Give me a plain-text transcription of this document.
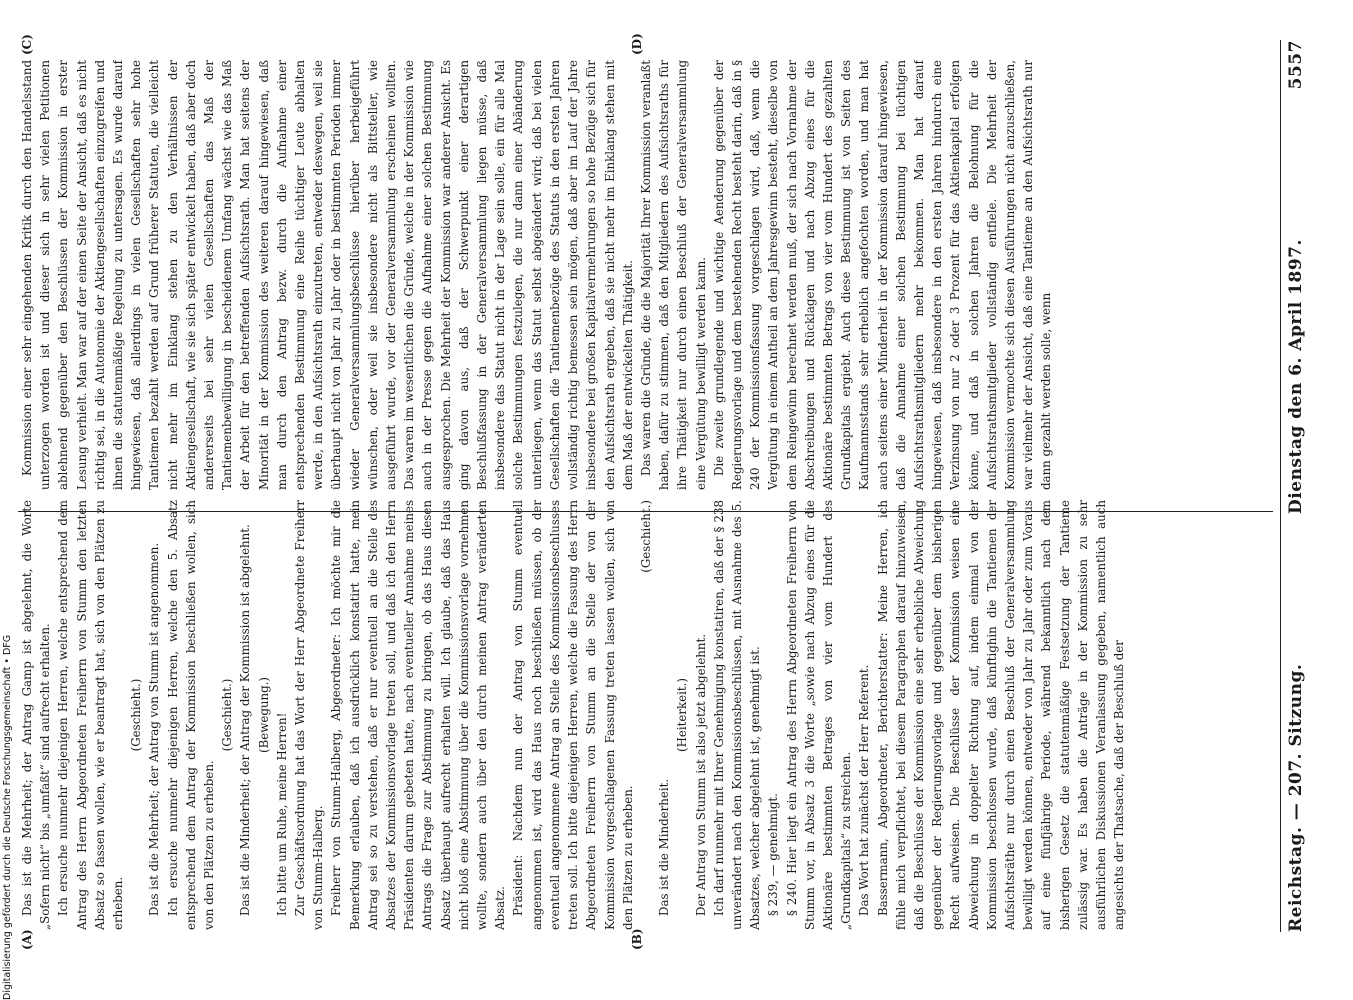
Reichstag. — 207. Sitzung.
Dienstag den 6. April 1897.
5557
(A)	(B)
(C)	(D)

Das ist die Mehrheit; der Antrag Gamp ist abgelehnt, die Worte „Sofern nicht“ bis „umfaßt“ sind aufrecht erhalten. Ich ersuche nunmehr diejenigen Herren, welche entsprechend dem Antrag des Herrn Abgeordneten Freiherrn von Stumm den letzten Absatz so fassen wollen, wie er beantragt hat, sich von den Plätzen zu erheben.

(Geschieht.) Das ist die Mehrheit; der Antrag von Stumm ist angenommen. Ich ersuche nunmehr diejenigen Herren, welche den 5. Absatz entsprechend dem Antrag der Kommission beschließen wollen, sich von den Plätzen zu erheben.

(Geschieht.) Das ist die Minderheit; der Antrag der Kommission ist abgelehnt. (Bewegung.) Ich bitte um Ruhe, meine Herren! Zur Geschäftsordnung hat das Wort der Herr Abgeordnete Freiherr von Stumm-Halberg. Freiherr von Stumm-Halberg, Abgeordneter: Ich möchte mir die Bemerkung erlauben, daß ich ausdrücklich konstatirt hatte, mein Antrag sei so zu verstehen, daß er nur eventuell an die Stelle des Absatzes der Kommissionsvorlage treten soll, und daß ich den Herrn Präsidenten darum gebeten hatte, nach eventueller Annahme meines Antrags die Frage zur Abstimmung zu bringen, ob das Haus diesen Absatz überhaupt aufrecht erhalten will. Ich glaube, daß das Haus nicht bloß eine Abstimmung über die Kommissionsvorlage vornehmen wollte, sondern auch über den durch meinen Antrag veränderten Absatz. Präsident: Nachdem nun der Antrag von Stumm eventuell angenommen ist, wird das Haus noch beschließen müssen, ob der eventuell angenommene Antrag an Stelle des Kommissionsbeschlusses treten soll. Ich bitte diejenigen Herren, welche die Fassung des Herrn Abgeordneten Freiherrn von Stumm an die Stelle der von der Kommission vorgeschlagenen Fassung treten lassen wollen, sich von den Plätzen zu erheben.

(Geschieht.)

Das ist die Minderheit.

(Heiterkeit.) Der Antrag von Stumm ist also jetzt abgelehnt. Ich darf nunmehr mit Ihrer Genehmigung konstatiren, daß der § 238 unverändert nach den Kommissionsbeschlüssen, mit Ausnahme des 5. Absatzes, welcher abgelehnt ist, genehmigt ist. § 239, — genehmigt. § 240. Hier liegt ein Antrag des Herrn Abgeordneten Freiherrn von Stumm vor, in Absatz 3 die Worte „sowie nach Abzug eines für die Aktionäre bestimmten Betrages von vier vom Hundert des „Grundkapitals“ zu streichen. Das Wort hat zunächst der Herr Referent. Bassermann, Abgeordneter, Berichterstatter: Meine Herren, ich fühle mich verpflichtet, bei diesem Paragraphen darauf hinzuweisen, daß die Beschlüsse der Kommission eine sehr erhebliche Abweichung gegenüber der Regierungsvorlage und gegenüber dem bisherigen Recht aufweisen. Die Beschlüsse der Kommission weisen eine Abweichung in doppelter Richtung auf, indem einmal von der Kommission beschlossen wurde, daß künftighin die Tantiemen der Aufsichtsräthe nur durch einen Beschluß der Generalversammlung bewilligt werden können, entweder von Jahr zu Jahr oder zum Voraus auf eine fünfjährige Periode, während bekanntlich nach dem bisherigen Gesetz die statutenmäßige Festsetzung der Tantieme zulässig war. Es haben die Anträge in der Kommission zu sehr ausführlichen Diskussionen Veranlassung gegeben, namentlich auch angesichts der Thatsache, daß der Beschluß der

Kommission einer sehr eingehenden Kritik durch den Handelsstand unterzogen worden ist und dieser sich in sehr vielen Petitionen ablehnend gegenüber den Beschlüssen der Kommission in erster Lesung verhielt. Man war auf der einen Seite der Ansicht, daß es nicht richtig sei, in die Autonomie der Aktiengesellschaften einzugreifen und ihnen die statutenmäßige Regelung zu untersagen. Es wurde darauf hingewiesen, daß allerdings in vielen Gesellschaften sehr hohe Tantiemen bezahlt werden auf Grund früherer Statuten, die vielleicht nicht mehr im Einklang stehen zu den Verhältnissen der Aktiengesellschaft, wie sie sich später entwickelt haben, daß aber doch andererseits bei sehr vielen Gesellschaften das Maß der Tantiemenbewilligung in bescheidenem Umfang wächst wie das Maß der Arbeit für den betreffenden Aufsichtsrath. Man hat seitens der Minorität in der Kommission des weiteren darauf hingewiesen, daß man durch den Antrag bezw. durch die Aufnahme einer entsprechenden Bestimmung eine Reihe tüchtiger Leute abhalten werde, in den Aufsichtsrath einzutreten, entweder deswegen, weil sie überhaupt nicht von Jahr zu Jahr oder in bestimmten Perioden immer wieder Generalversammlungsbeschlüsse hierüber herbeigeführt wünschen, oder weil sie insbesondere nicht als Bittsteller, wie ausgeführt wurde, vor der Generalversammlung erscheinen wollten. Das waren im wesentlichen die Gründe, welche in der Kommission wie auch in der Presse gegen die Aufnahme einer solchen Bestimmung ausgesprochen. Die Mehrheit der Kommission war anderer Ansicht. Es ging davon aus, daß der Schwerpunkt einer derartigen Beschlußfassung in der Generalversammlung liegen müsse, daß insbesondere das Statut nicht in der Lage sein solle, ein für alle Mal solche Bestimmungen festzulegen, die nur dann einer Abänderung unterliegen, wenn das Statut selbst abgeändert wird; daß bei vielen Gesellschaften die Tantiemenbezüge des Statuts in den ersten Jahren vollständig richtig bemessen sein mögen, daß aber im Lauf der Jahre insbesondere bei großen Kapitalvermehrungen so hohe Bezüge sich für den Aufsichtsrath ergeben, daß sie nicht mehr im Einklang stehen mit dem Maß der entwickelten Thätigkeit. Das waren die Gründe, die die Majorität Ihrer Kommission veranlaßt haben, dafür zu stimmen, daß den Mitgliedern des Aufsichtsraths für ihre Thätigkeit nur durch einen Beschluß der Generalversammlung eine Vergütung bewilligt werden kann. Die zweite grundlegende und wichtige Aenderung gegenüber der Regierungsvorlage und dem bestehenden Recht besteht darin, daß in § 240 der Kommissionsfassung vorgeschlagen wird, daß, wenn die Vergütung in einem Antheil an dem Jahresgewinn besteht, dieselbe von dem Reingewinn berechnet werden muß, der sich nach Vornahme der Abschreibungen und Rücklagen und nach Abzug eines für die Aktionäre bestimmten Betrags von vier vom Hundert des gezahlten Grundkapitals ergiebt. Auch diese Bestimmung ist von Seiten des Kaufmannsstands sehr erheblich angefochten worden, und man hat auch seitens einer Minderheit in der Kommission darauf hingewiesen, daß die Annahme einer solchen Bestimmung bei tüchtigen Aufsichtsrathsmitgliedern mehr bekommen. Man hat darauf hingewiesen, daß insbesondere in den ersten Jahren hindurch eine Verzinsung von nur 2 oder 3 Prozent für das Aktienkapital erfolgen könne, und daß in solchen Jahren die Belohnung für die Aufsichtsrathsmitglieder vollständig entfiele. Die Mehrheit der Kommission vermochte sich diesen Ausführungen nicht anzuschließen, war vielmehr der Ansicht, daß eine Tantieme an den Aufsichtsrath nur dann gezahlt werden solle, wenn

Digitalisierung gefördert durch die Deutsche Forschungsgemeinschaft • DFG
